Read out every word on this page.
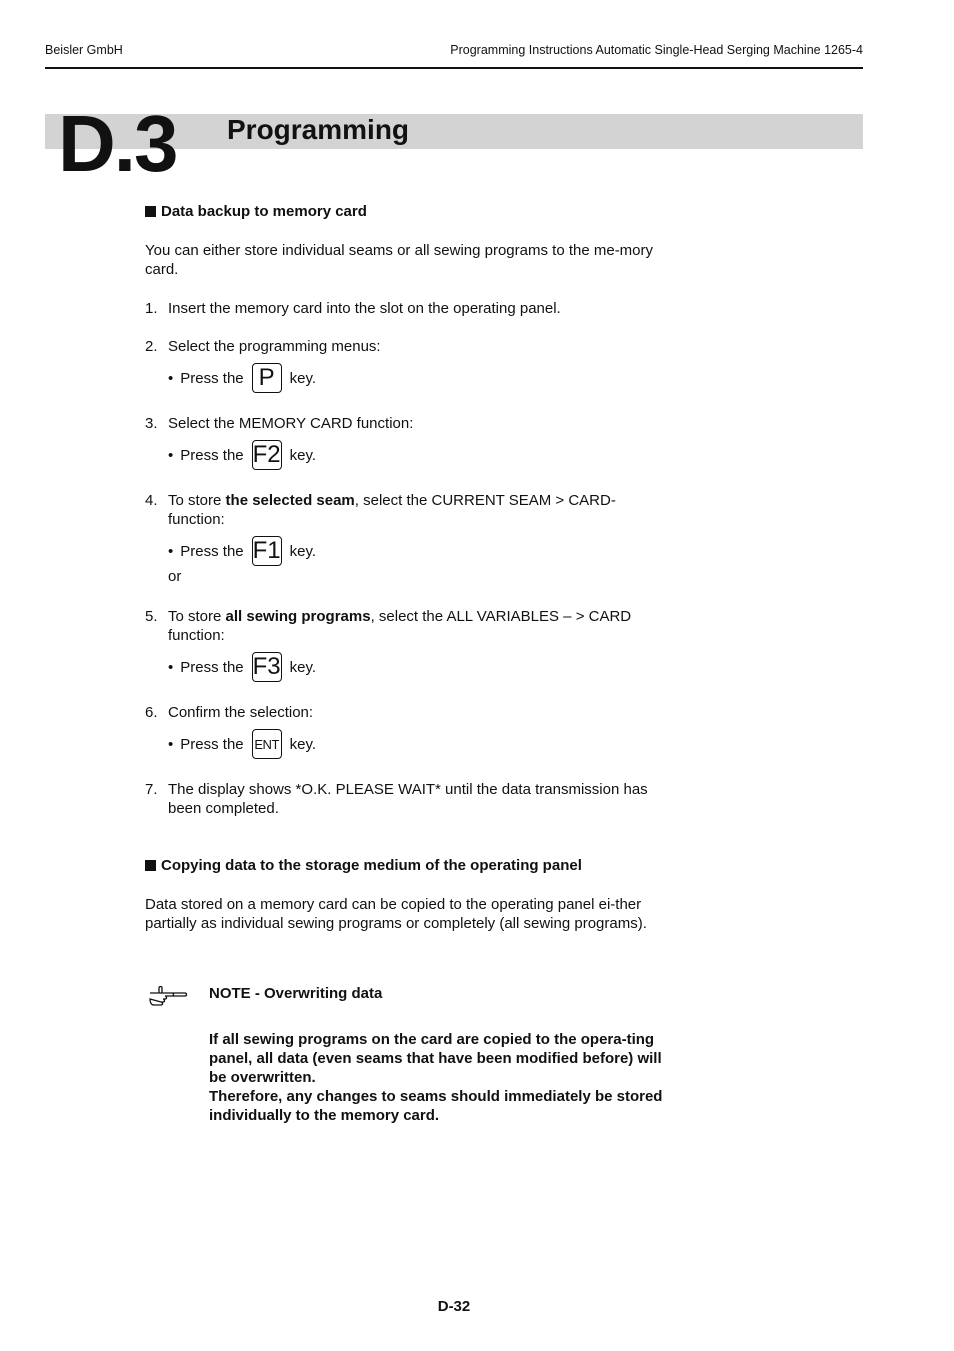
Beisler GmbH	Programming Instructions Automatic Single-Head Serging Machine 1265-4
D.3 Programming
Data backup to memory card
You can either store individual seams or all sewing programs to the me-mory card.
1. Insert the memory card into the slot on the operating panel.
2. Select the programming menus:
• Press the P	key.
3. Select the MEMORY CARD function:
• Press the F2 key.
4. To store the selected seam, select the CURRENT SEAM > CARD-function:
• Press the F1 key.
or
5. To store all sewing programs, select the ALL VARIABLES – > CARD function:
• Press the F3 key.
6. Confirm the selection:
• Press the ENT key.
7. The display shows *O.K. PLEASE WAIT* until the data transmission has been completed.
Copying data to the storage medium of the operating panel
Data stored on a memory card can be copied to the operating panel ei-ther partially as individual sewing programs or completely (all sewing programs).
NOTE - Overwriting data
If all sewing programs on the card are copied to the opera-ting panel, all data (even seams that have been modified before) will be overwritten.
Therefore, any changes to seams should immediately be stored individually to the memory card.
D-32
